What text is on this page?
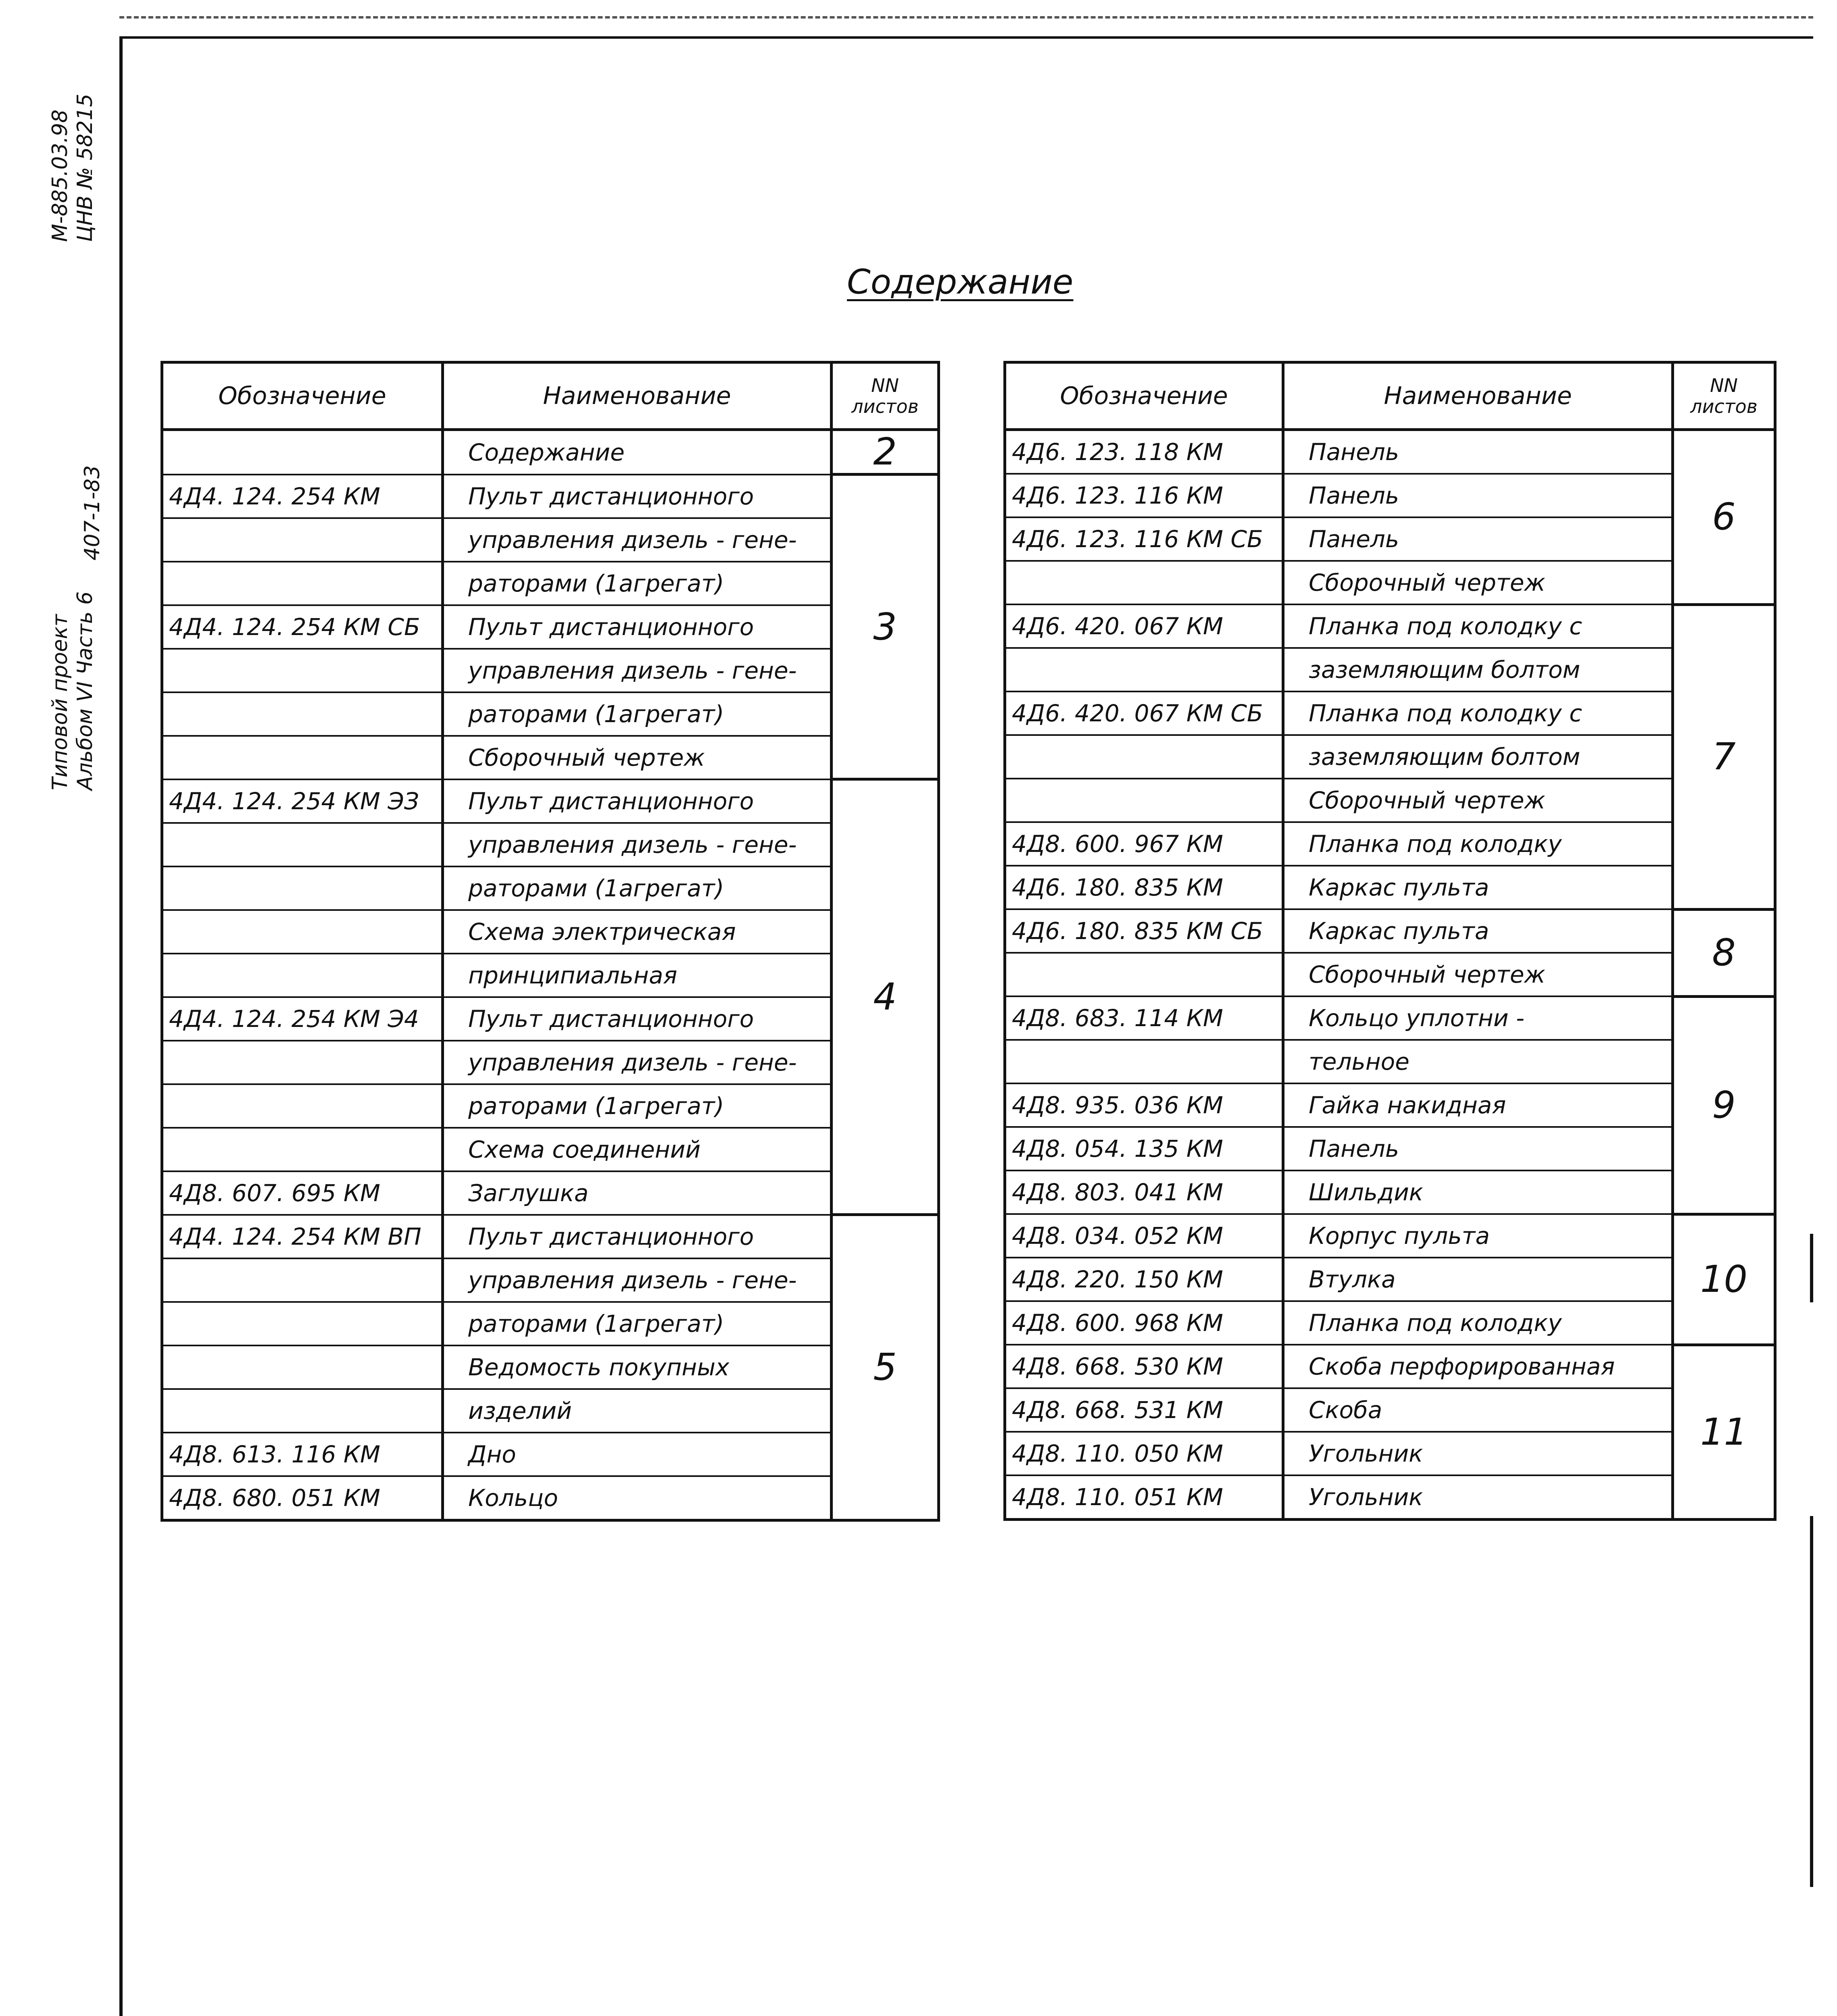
М-885.03.98 ЦНВ № 58215
Типовой проект Альбом VI Часть 6
407-1-83
Содержание
Обозначение	Наименование	NN
листов

	Содержание	2
4Д4. 124. 254 КМ	Пульт дистанционного	3
	управления дизель - гене-	
	раторами (1агрегат)	
4Д4. 124. 254 КМ СБ	Пульт дистанционного	
	управления дизель - гене-	
	раторами (1агрегат)	
	Сборочный чертеж	
4Д4. 124. 254 КМ ЭЗ	Пульт дистанционного	4
	управления дизель - гене-	
	раторами (1агрегат)	
	Схема электрическая	
	принципиальная	
4Д4. 124. 254 КМ Э4	Пульт дистанционного	
	управления дизель - гене-	
	раторами (1агрегат)	
	Схема соединений	
4Д8. 607. 695 КМ	Заглушка	
4Д4. 124. 254 КМ ВП	Пульт дистанционного	5
	управления дизель - гене-	
	раторами (1агрегат)	
	Ведомость покупных	
	изделий	
4Д8. 613. 116 КМ	Дно	
4Д8. 680. 051 КМ	Кольцо	
Обозначение	Наименование	NN
листов

4Д6. 123. 118 КМ	Панель	6
4Д6. 123. 116 КМ	Панель	
4Д6. 123. 116 КМ СБ	Панель	
	Сборочный чертеж	
4Д6. 420. 067 КМ	Планка под колодку с	7
	заземляющим болтом	
4Д6. 420. 067 КМ СБ	Планка под колодку с	
	заземляющим болтом	
	Сборочный чертеж	
4Д8. 600. 967 КМ	Планка под колодку	
4Д6. 180. 835 КМ	Каркас пульта	
4Д6. 180. 835 КМ СБ	Каркас пульта	8
	Сборочный чертеж	
4Д8. 683. 114 КМ	Кольцо уплотни -	9
	тельное	
4Д8. 935. 036 КМ	Гайка накидная	
4Д8. 054. 135 КМ	Панель	
4Д8. 803. 041 КМ	Шильдик	
4Д8. 034. 052 КМ	Корпус пульта	10
4Д8. 220. 150 КМ	Втулка	
4Д8. 600. 968 КМ	Планка под колодку	
4Д8. 668. 530 КМ	Скоба перфорированная	11
4Д8. 668. 531 КМ	Скоба	
4Д8. 110. 050 КМ	Угольник	
4Д8. 110. 051 КМ	Угольник	
